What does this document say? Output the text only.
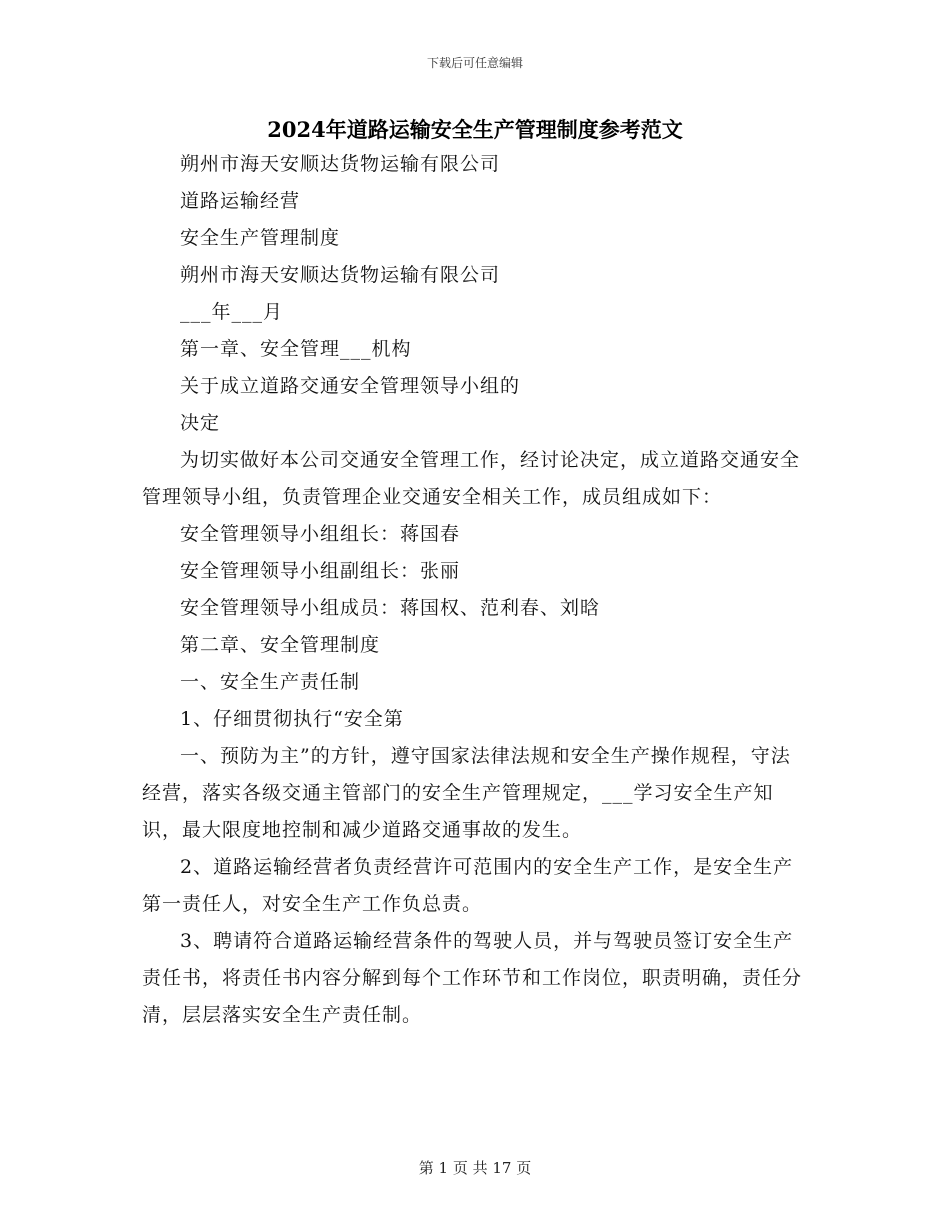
下载后可任意编辑
2024年道路运输安全生产管理制度参考范文

朔州市海天安顺达货物运输有限公司

道路运输经营

安全生产管理制度

朔州市海天安顺达货物运输有限公司

___年___月

第一章、安全管理___机构

关于成立道路交通安全管理领导小组的

决定

为切实做好本公司交通安全管理工作，经讨论决定，成立道路交通安全管理领导小组，负责管理企业交通安全相关工作，成员组成如下：

安全管理领导小组组长：蒋国春

安全管理领导小组副组长：张丽

安全管理领导小组成员：蒋国权、范利春、刘晗

第二章、安全管理制度

一、安全生产责任制

1、仔细贯彻执行“安全第

一、预防为主”的方针，遵守国家法律法规和安全生产操作规程，守法经营，落实各级交通主管部门的安全生产管理规定，___学习安全生产知识，最大限度地控制和减少道路交通事故的发生。

2、道路运输经营者负责经营许可范围内的安全生产工作，是安全生产第一责任人，对安全生产工作负总责。

3、聘请符合道路运输经营条件的驾驶人员，并与驾驶员签订安全生产责任书，将责任书内容分解到每个工作环节和工作岗位，职责明确，责任分清，层层落实安全生产责任制。

第 1 页 共 17 页
